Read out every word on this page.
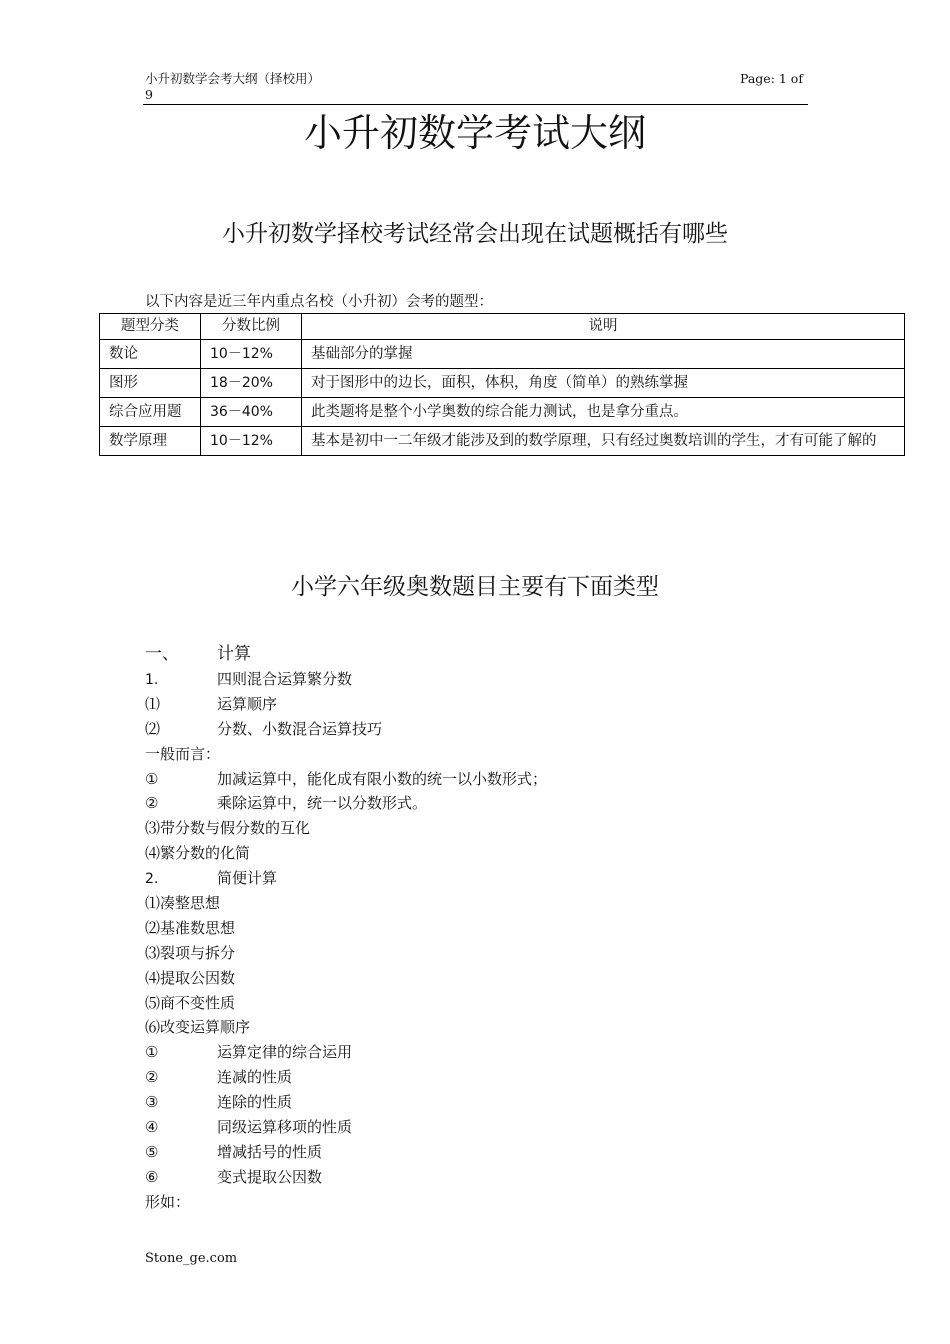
小升初数学会考大纲（择校用）
9
Page: 1 of
小升初数学考试大纲
小升初数学择校考试经常会出现在试题概括有哪些
以下内容是近三年内重点名校（小升初）会考的题型：
题型分类	分数比例	说明
数论	10－12%	基础部分的掌握
图形	18－20%	对于图形中的边长，面积，体积，角度（简单）的熟练掌握
综合应用题	36－40%	此类题将是整个小学奥数的综合能力测试，也是拿分重点。
数学原理	10－12%	基本是初中一二年级才能涉及到的数学原理，只有经过奥数培训的学生，才有可能了解的
小学六年级奥数题目主要有下面类型
一、 计算
1.	四则混合运算繁分数
⑴	运算顺序
⑵	分数、小数混合运算技巧
一般而言：
①	加减运算中，能化成有限小数的统一以小数形式；
②	乘除运算中，统一以分数形式。
⑶带分数与假分数的互化
⑷繁分数的化简
2.	简便计算
⑴凑整思想
⑵基准数思想
⑶裂项与拆分
⑷提取公因数
⑸商不变性质
⑹改变运算顺序
①	运算定律的综合运用
②	连减的性质
③	连除的性质
④	同级运算移项的性质
⑤	增减括号的性质
⑥	变式提取公因数
形如：
Stone_ge.com
